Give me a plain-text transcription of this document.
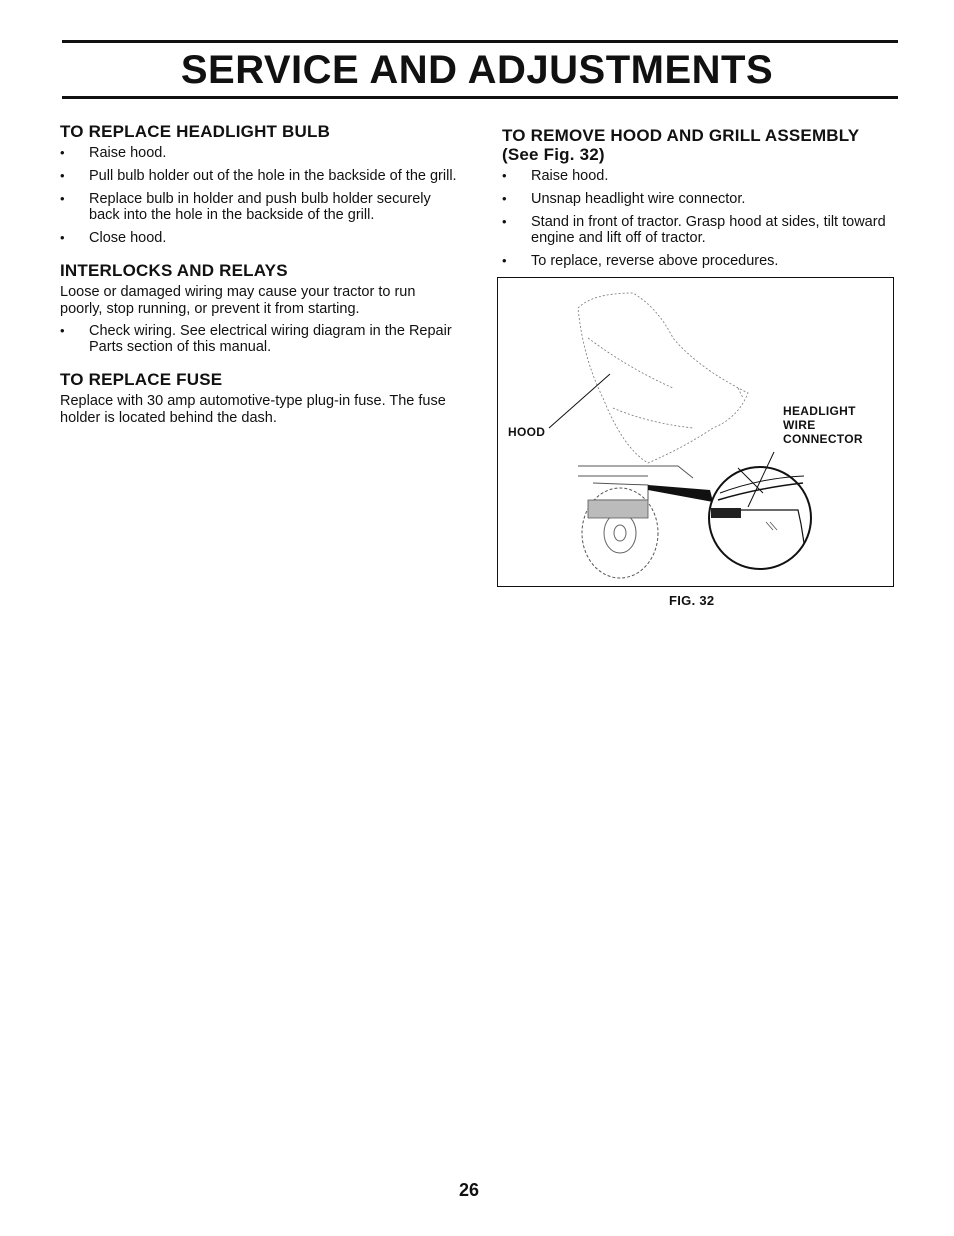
SERVICE AND ADJUSTMENTS
TO REPLACE HEADLIGHT BULB
• Raise hood.
• Pull bulb holder out of the hole in the backside of the grill.
• Replace bulb in holder and push bulb holder securely back into the hole in the backside of the grill.
• Close hood.
INTERLOCKS AND RELAYS

Loose or damaged wiring may cause your tractor to run poorly, stop running, or prevent it from starting.

• Check wiring. See electrical wiring diagram in the Repair Parts section of this manual.
TO REPLACE FUSE

Replace with 30 amp automotive-type plug-in fuse. The fuse holder is located behind the dash.

TO REMOVE HOOD AND GRILL ASSEMBLY
(See Fig. 32)
• Raise hood.
• Unsnap headlight wire connector.
• Stand in front of tractor. Grasp hood at sides, tilt toward engine and lift off of tractor.
• To replace, reverse above procedures.
HOOD
HEADLIGHT
WIRE
CONNECTOR
FIG. 32
26
